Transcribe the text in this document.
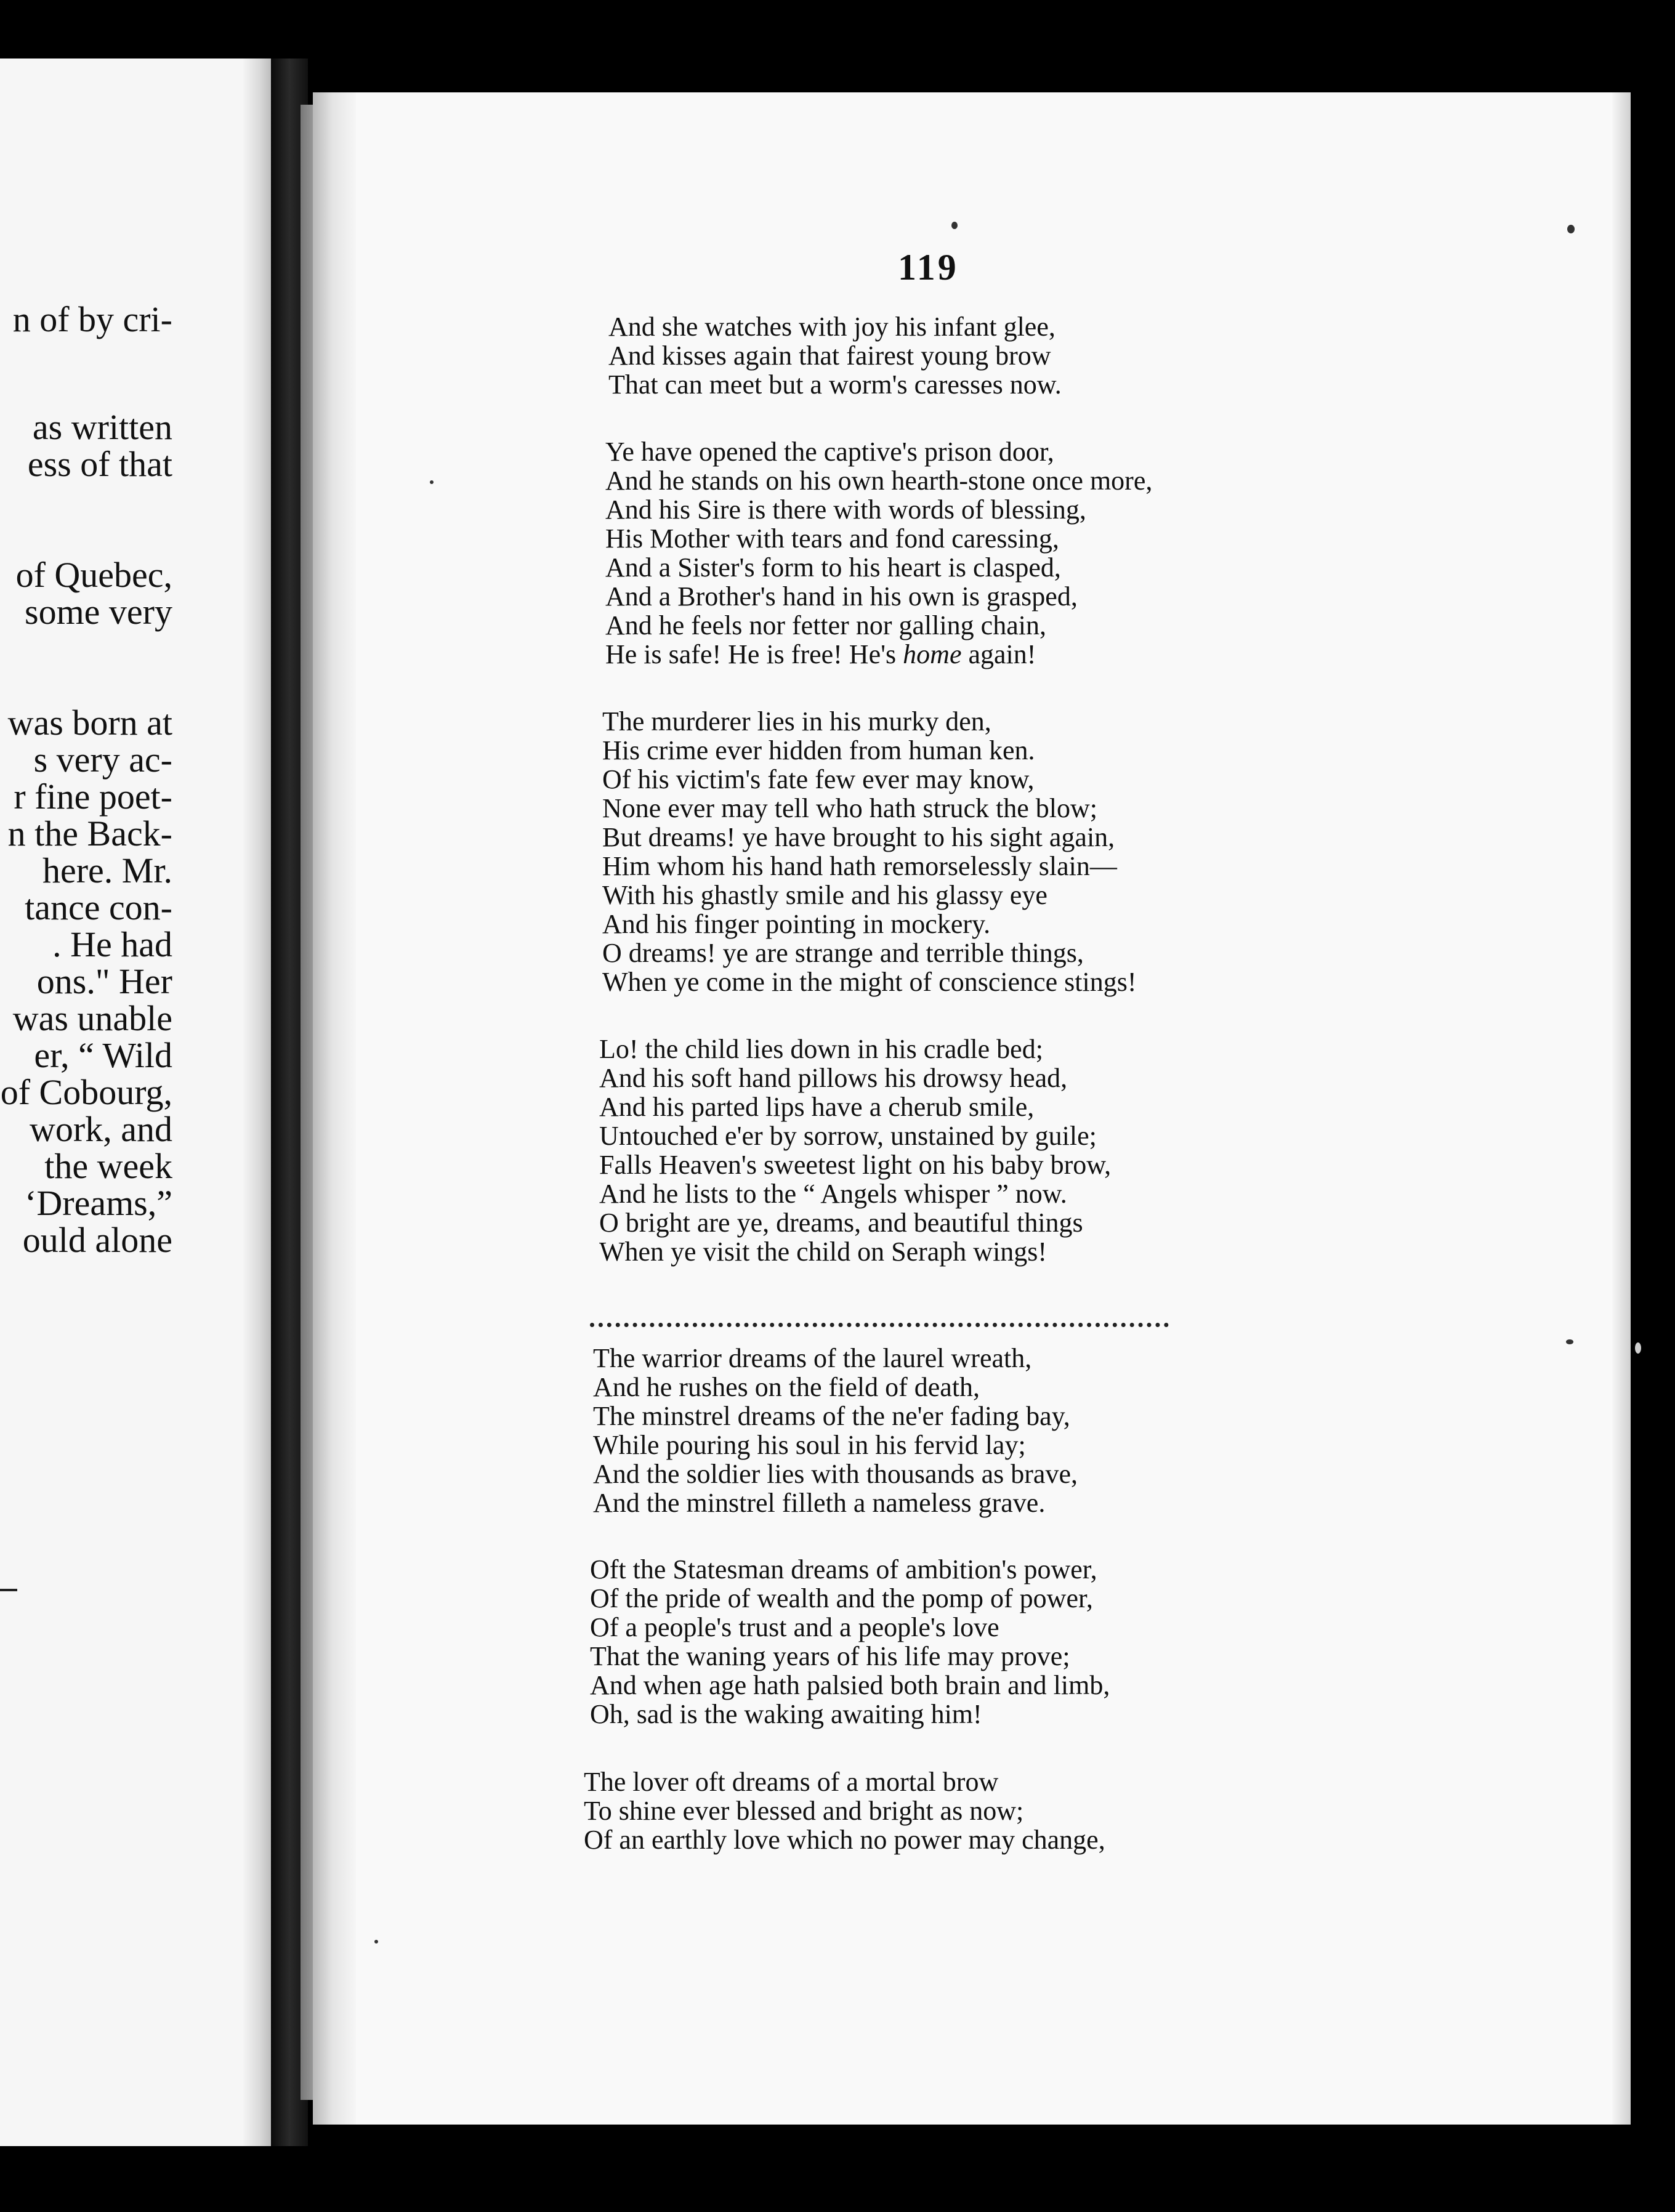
n of by cri-
as written
ess of that
of Quebec,
some very
was born at
s very ac-
r fine poet-
n the Back-
here. Mr.
tance con-
. He had
ons." Her
was unable
er, “ Wild
of Cobourg,
work, and
the week
‘Dreams,”
ould alone
119
And she watches with joy his infant glee,
And kisses again that fairest young brow
That can meet but a worm's caresses now.
Ye have opened the captive's prison door,
And he stands on his own hearth-stone once more,
And his Sire is there with words of blessing,
His Mother with tears and fond caressing,
And a Sister's form to his heart is clasped,
And a Brother's hand in his own is grasped,
And he feels nor fetter nor galling chain,
He is safe! He is free! He's home again!
The murderer lies in his murky den,
His crime ever hidden from human ken.
Of his victim's fate few ever may know,
None ever may tell who hath struck the blow;
But dreams! ye have brought to his sight again,
Him whom his hand hath remorselessly slain—
With his ghastly smile and his glassy eye
And his finger pointing in mockery.
O dreams! ye are strange and terrible things,
When ye come in the might of conscience stings!
Lo! the child lies down in his cradle bed;
And his soft hand pillows his drowsy head,
And his parted lips have a cherub smile,
Untouched e'er by sorrow, unstained by guile;
Falls Heaven's sweetest light on his baby brow,
And he lists to the “ Angels whisper ” now.
O bright are ye, dreams, and beautiful things
When ye visit the child on Seraph wings!
The warrior dreams of the laurel wreath,
And he rushes on the field of death,
The minstrel dreams of the ne'er fading bay,
While pouring his soul in his fervid lay;
And the soldier lies with thousands as brave,
And the minstrel filleth a nameless grave.
Oft the Statesman dreams of ambition's power,
Of the pride of wealth and the pomp of power,
Of a people's trust and a people's love
That the waning years of his life may prove;
And when age hath palsied both brain and limb,
Oh, sad is the waking awaiting him!
The lover oft dreams of a mortal brow
To shine ever blessed and bright as now;
Of an earthly love which no power may change,
